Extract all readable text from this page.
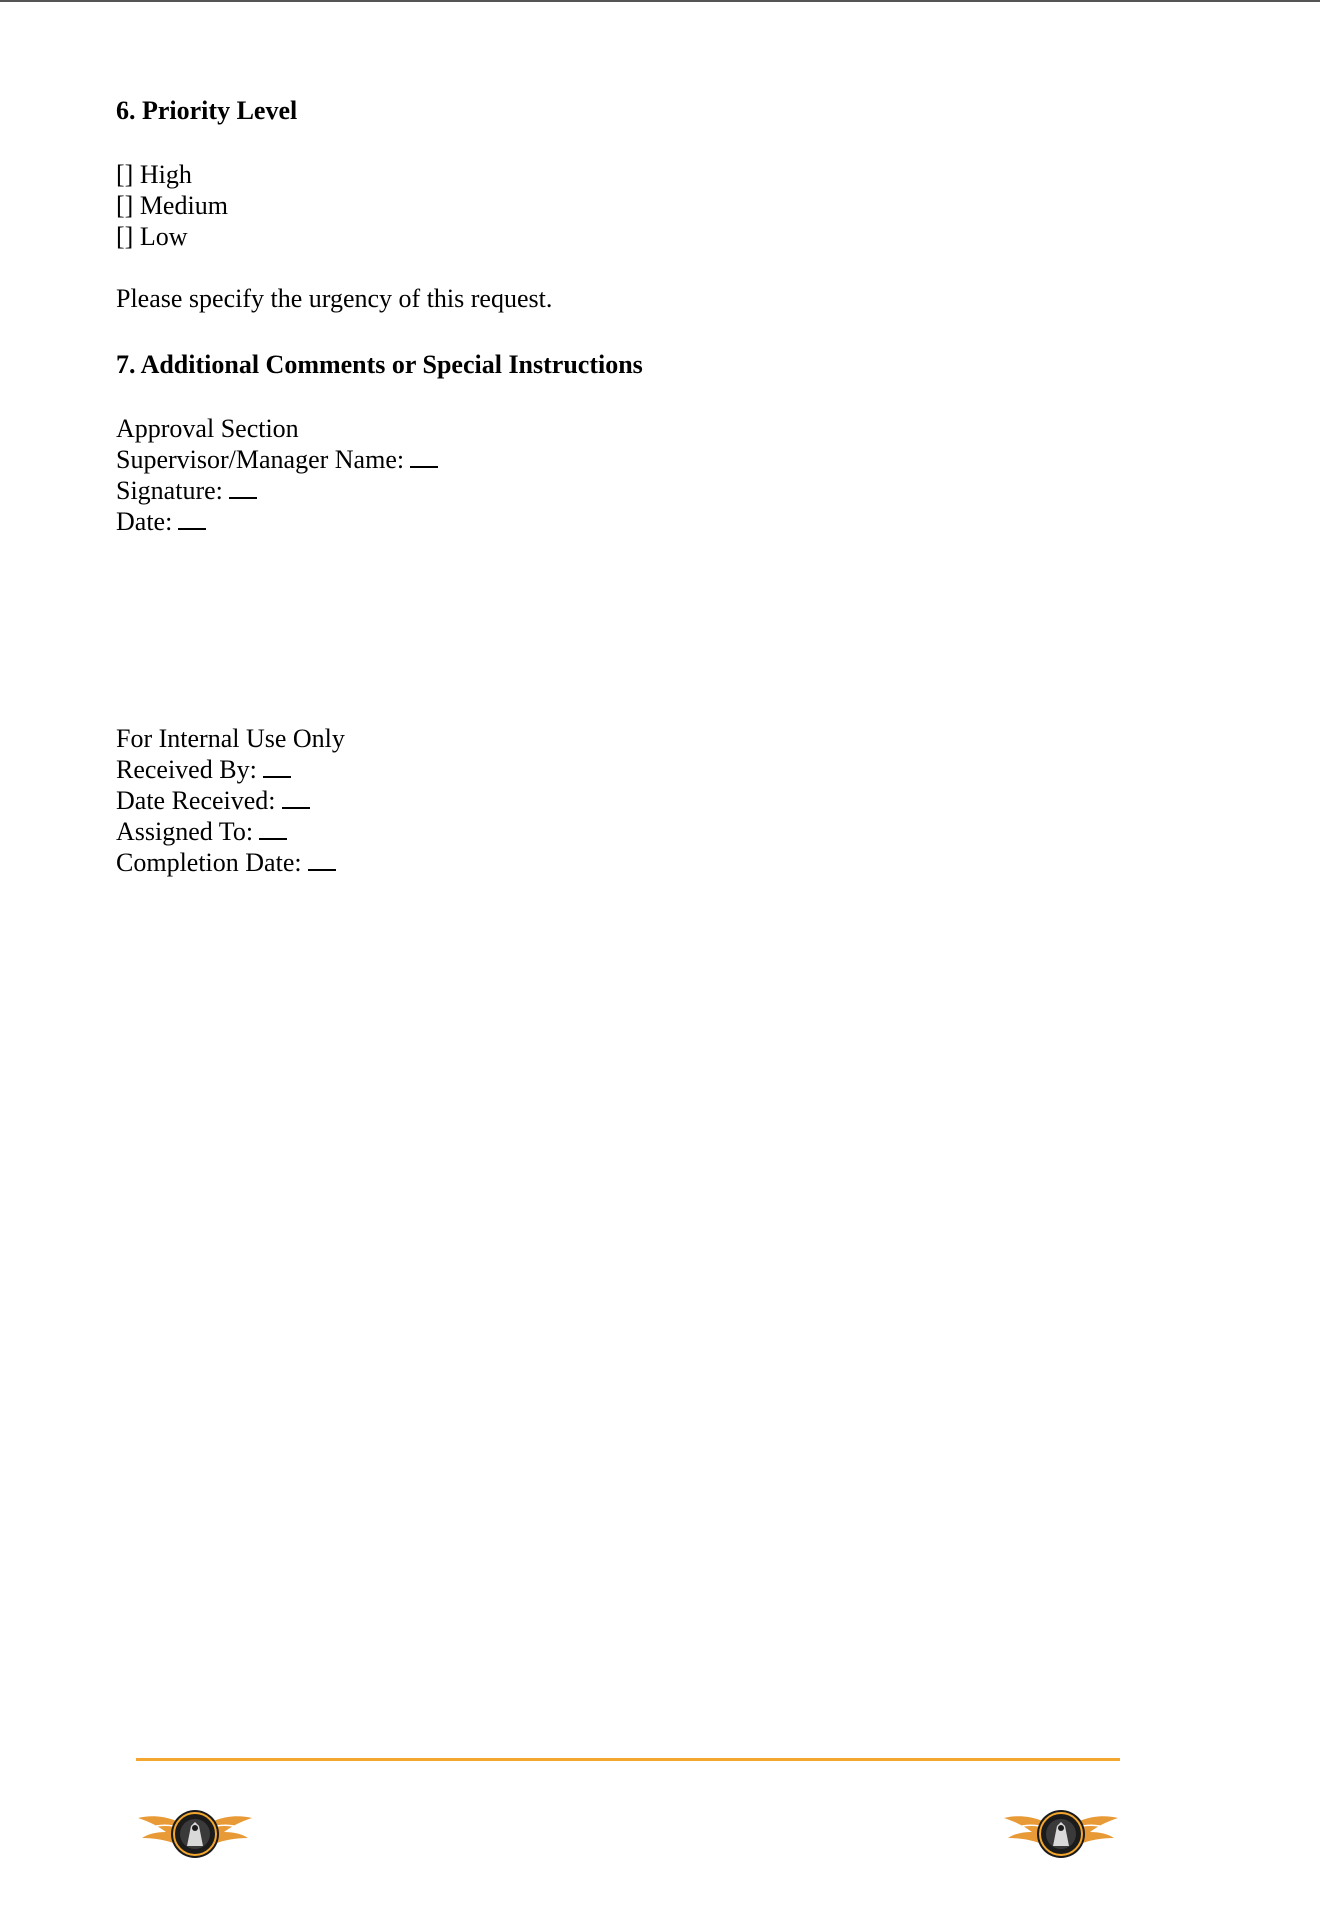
6. Priority Level
[] High
[] Medium
[] Low
Please specify the urgency of this request.
7. Additional Comments or Special Instructions
Approval Section
Supervisor/Manager Name:
Signature:
Date:
For Internal Use Only
Received By:
Date Received:
Assigned To:
Completion Date:
